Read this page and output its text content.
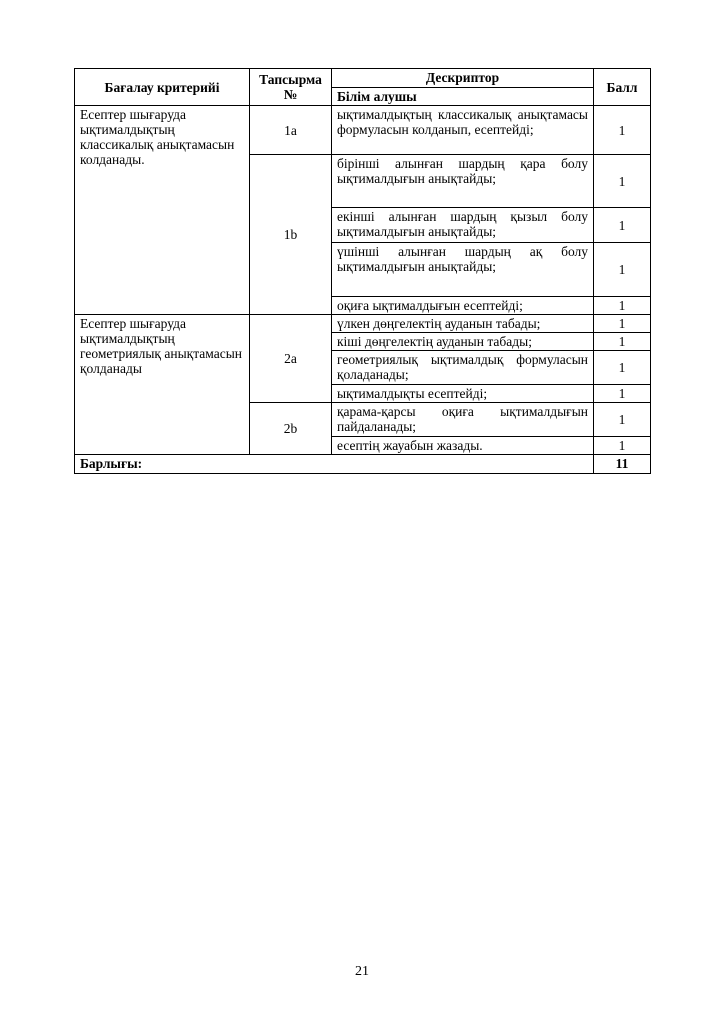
Бағалау критерийі	Тапсырма №	Дескриптор	Балл
		Білім алушы	
Есептер шығаруда ықтималдықтың классикалық анықтамасын колданады.	1a	ықтималдықтың классикалық анықтамасы формуласын колданып, есептейді;	1
	1b	бірінші алынған шардың қара болу ықтималдығын анықтайды;	1
		екінші алынған шардың қызыл болу ықтималдығын анықтайды;	1
		үшінші алынған шардың ақ болу ықтималдығын анықтайды;	1
		оқиға ықтималдығын есептейді;	1

Есептер шығаруда ықтималдықтың геометриялық анықтамасын қолданады	2a	үлкен дөңгелектің ауданын табады;	1
		кіші дөңгелектің ауданын табады;	1
		геометриялық ықтималдық формуласын қоладанады;	1
		ықтималдықты есептейді;	1
	2b	қарама-қарсы оқиға ықтималдығын пайдаланады;	1
		есептің жауабын жазады.	1
Барлығы:			11
21
